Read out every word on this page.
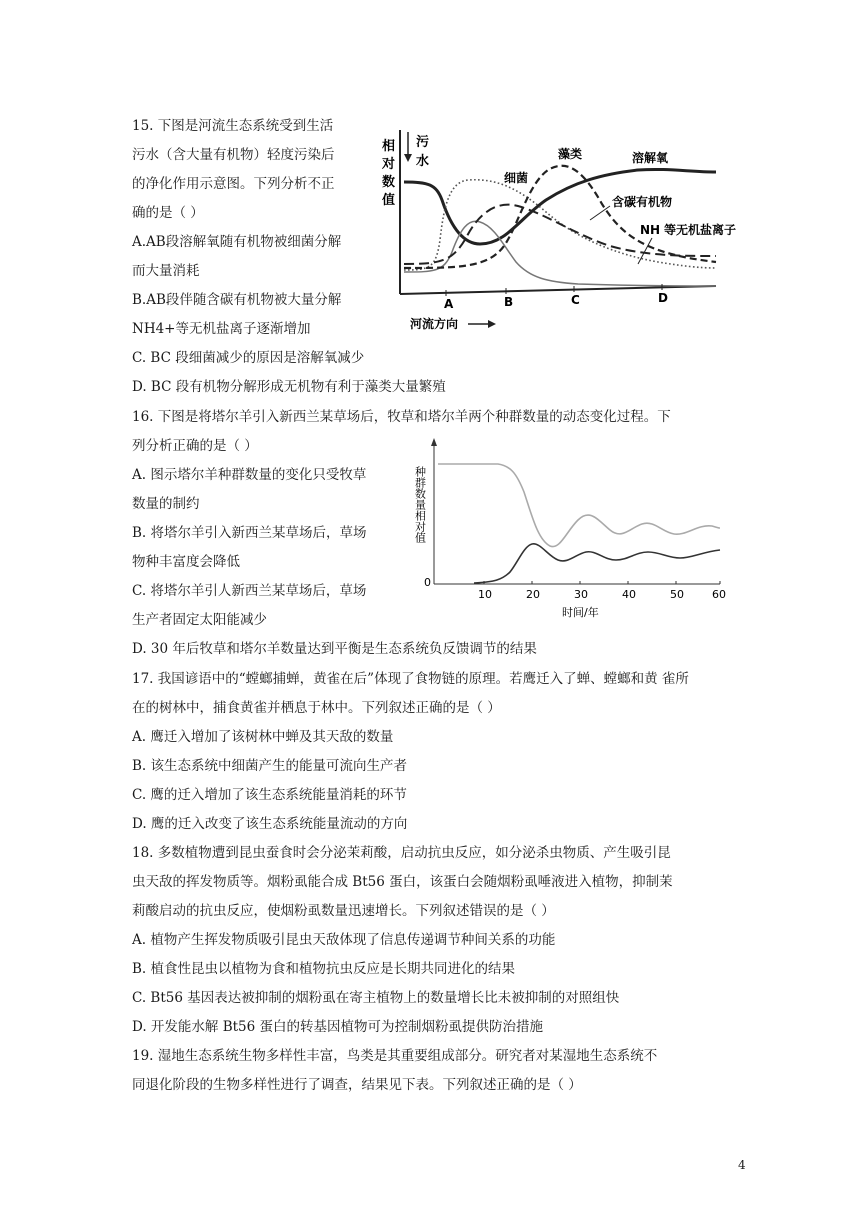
15. 下图是河流生态系统受到生活
污水（含大量有机物）轻度污染后
的净化作用示意图。下列分析不正
确的是（ ）
A.AB段溶解氧随有机物被细菌分解
而大量消耗
B.AB段伴随含碳有机物被大量分解
NH4+等无机盐离子逐渐增加
C. BC 段细菌减少的原因是溶解氧减少
D. BC 段有机物分解形成无机物有利于藻类大量繁殖
相
对
数
值
污
水
细菌
藻类	溶解氧
含碳有机物
NH 等无机盐离子
A	B	C	D
河流方向
16. 下图是将塔尔羊引入新西兰某草场后，牧草和塔尔羊两个种群数量的动态变化过程。下
列分析正确的是（ ）
A. 图示塔尔羊种群数量的变化只受牧草
数量的制约
B. 将塔尔羊引入新西兰某草场后，草场
物种丰富度会降低
C. 将塔尔羊引人新西兰某草场后，草场
生产者固定太阳能减少
D. 30 年后牧草和塔尔羊数量达到平衡是生态系统负反馈调节的结果
种群数量相对值
0
10	20	30	40	50	60
时间/年
17. 我国谚语中的“螳螂捕蝉，黄雀在后”体现了食物链的原理。若鹰迁入了蝉、螳螂和黄 雀所
在的树林中，捕食黄雀并栖息于林中。下列叙述正确的是（ ）
A. 鹰迁入增加了该树林中蝉及其天敌的数量
B. 该生态系统中细菌产生的能量可流向生产者
C. 鹰的迁入增加了该生态系统能量消耗的环节
D. 鹰的迁入改变了该生态系统能量流动的方向
18. 多数植物遭到昆虫蚕食时会分泌茉莉酸，启动抗虫反应，如分泌杀虫物质、产生吸引昆
虫天敌的挥发物质等。烟粉虱能合成 Bt56 蛋白，该蛋白会随烟粉虱唾液进入植物，抑制茉
莉酸启动的抗虫反应，使烟粉虱数量迅速增长。下列叙述错误的是（ ）
A. 植物产生挥发物质吸引昆虫天敌体现了信息传递调节种间关系的功能
B. 植食性昆虫以植物为食和植物抗虫反应是长期共同进化的结果
C. Bt56 基因表达被抑制的烟粉虱在寄主植物上的数量增长比未被抑制的对照组快
D. 开发能水解 Bt56 蛋白的转基因植物可为控制烟粉虱提供防治措施
19. 湿地生态系统生物多样性丰富，鸟类是其重要组成部分。研究者对某湿地生态系统不
同退化阶段的生物多样性进行了调查，结果见下表。下列叙述正确的是（ ）
4
